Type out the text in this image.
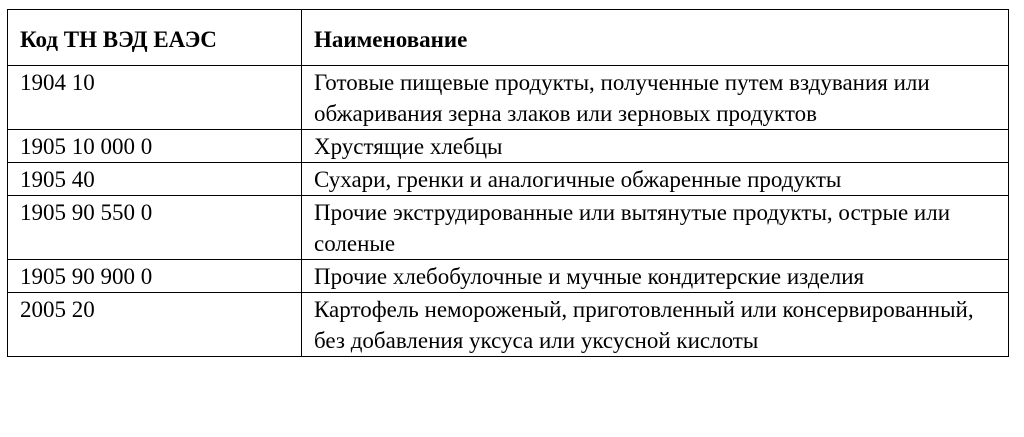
Код ТН ВЭД ЕАЭС	Наименование
1904 10	Готовые пищевые продукты, полученные путем вздувания или обжаривания зерна злаков или зерновых продуктов
1905 10 000 0	Хрустящие хлебцы
1905 40	Сухари, гренки и аналогичные обжаренные продукты
1905 90 550 0	Прочие экструдированные или вытянутые продукты, острые или соленые
1905 90 900 0	Прочие хлебобулочные и мучные кондитерские изделия
2005 20	Картофель немороженый, приготовленный или консервированный, без добавления уксуса или уксусной кислоты
